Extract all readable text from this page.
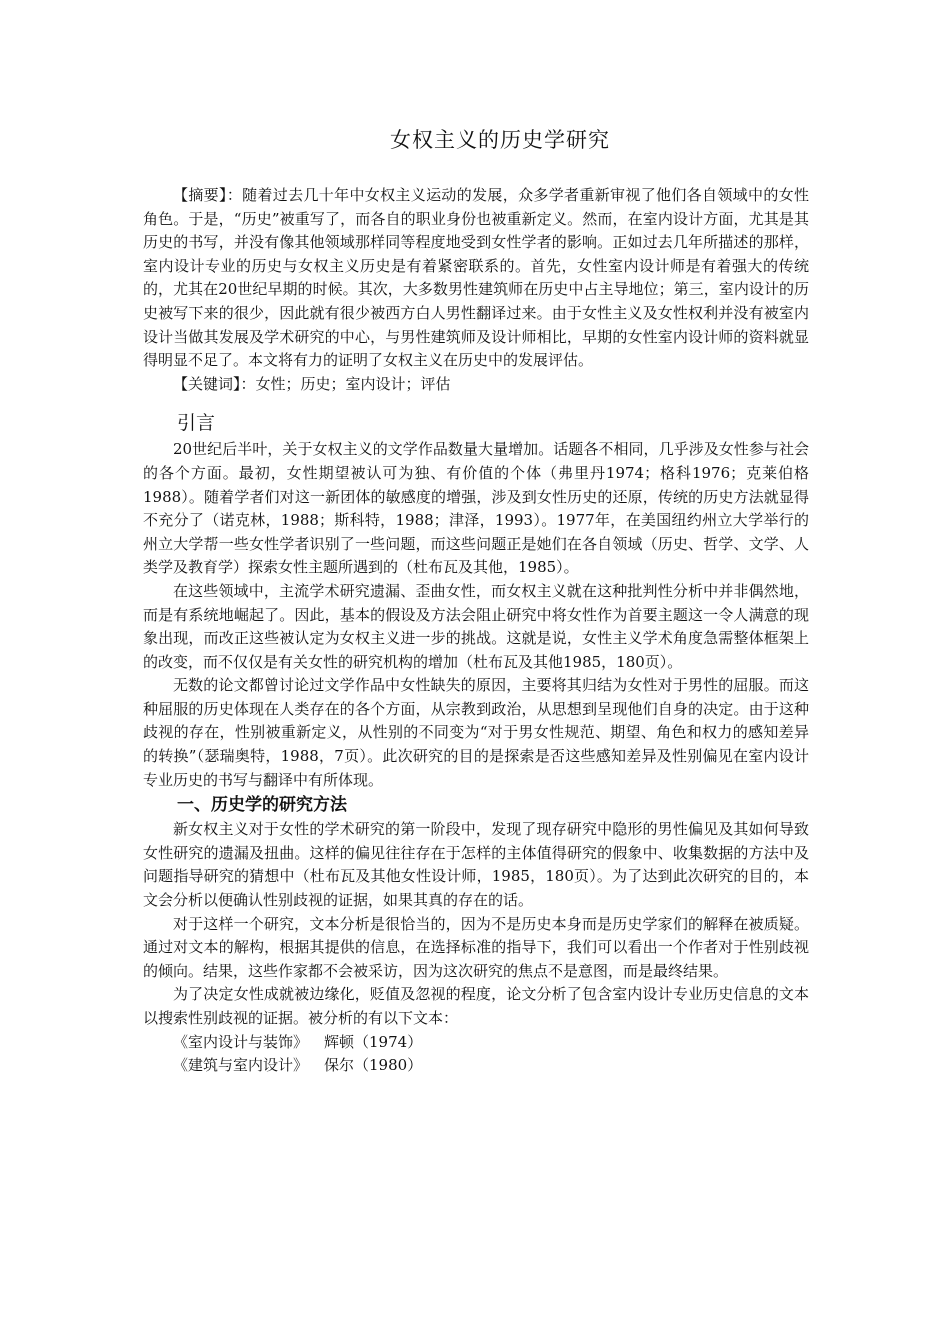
女权主义的历史学研究

【摘要】：随着过去几十年中女权主义运动的发展，众多学者重新审视了他们各自领域中的女性角色。于是，“历史”被重写了，而各自的职业身份也被重新定义。然而，在室内设计方面，尤其是其历史的书写，并没有像其他领域那样同等程度地受到女性学者的影响。正如过去几年所描述的那样，室内设计专业的历史与女权主义历史是有着紧密联系的。首先，女性室内设计师是有着强大的传统的，尤其在20世纪早期的时候。其次，大多数男性建筑师在历史中占主导地位；第三，室内设计的历史被写下来的很少，因此就有很少被西方白人男性翻译过来。由于女性主义及女性权利并没有被室内设计当做其发展及学术研究的中心，与男性建筑师及设计师相比，早期的女性室内设计师的资料就显得明显不足了。本文将有力的证明了女权主义在历史中的发展评估。

【关键词】：女性；历史；室内设计；评估

引言

20世纪后半叶，关于女权主义的文学作品数量大量增加。话题各不相同，几乎涉及女性参与社会的各个方面。最初，女性期望被认可为独、有价值的个体（弗里丹1974；格科1976；克莱伯格1988）。随着学者们对这一新团体的敏感度的增强，涉及到女性历史的还原，传统的历史方法就显得不充分了（诺克林，1988；斯科特，1988；津泽，1993）。1977年，在美国纽约州立大学举行的州立大学帮一些女性学者识别了一些问题，而这些问题正是她们在各自领域（历史、哲学、文学、人类学及教育学）探索女性主题所遇到的（杜布瓦及其他，1985）。

在这些领域中，主流学术研究遗漏、歪曲女性，而女权主义就在这种批判性分析中并非偶然地，而是有系统地崛起了。因此，基本的假设及方法会阻止研究中将女性作为首要主题这一令人满意的现象出现，而改正这些被认定为女权主义进一步的挑战。这就是说，女性主义学术角度急需整体框架上的改变，而不仅仅是有关女性的研究机构的增加（杜布瓦及其他1985，180页）。

无数的论文都曾讨论过文学作品中女性缺失的原因，主要将其归结为女性对于男性的屈服。而这种屈服的历史体现在人类存在的各个方面，从宗教到政治，从思想到呈现他们自身的决定。由于这种歧视的存在，性别被重新定义，从性别的不同变为“对于男女性规范、期望、角色和权力的感知差异的转换”（瑟瑞奥特，1988，7页）。此次研究的目的是探索是否这些感知差异及性别偏见在室内设计专业历史的书写与翻译中有所体现。

一、历史学的研究方法

新女权主义对于女性的学术研究的第一阶段中，发现了现存研究中隐形的男性偏见及其如何导致女性研究的遗漏及扭曲。这样的偏见往往存在于怎样的主体值得研究的假象中、收集数据的方法中及问题指导研究的猜想中（杜布瓦及其他女性设计师，1985，180页）。为了达到此次研究的目的，本文会分析以便确认性别歧视的证据，如果其真的存在的话。

对于这样一个研究，文本分析是很恰当的，因为不是历史本身而是历史学家们的解释在被质疑。通过对文本的解构，根据其提供的信息，在选择标准的指导下，我们可以看出一个作者对于性别歧视的倾向。结果，这些作家都不会被采访，因为这次研究的焦点不是意图，而是最终结果。

为了决定女性成就被边缘化，贬值及忽视的程度，论文分析了包含室内设计专业历史信息的文本以搜索性别歧视的证据。被分析的有以下文本：

《室内设计与装饰》 辉顿（1974）
《建筑与室内设计》 保尔（1980）
